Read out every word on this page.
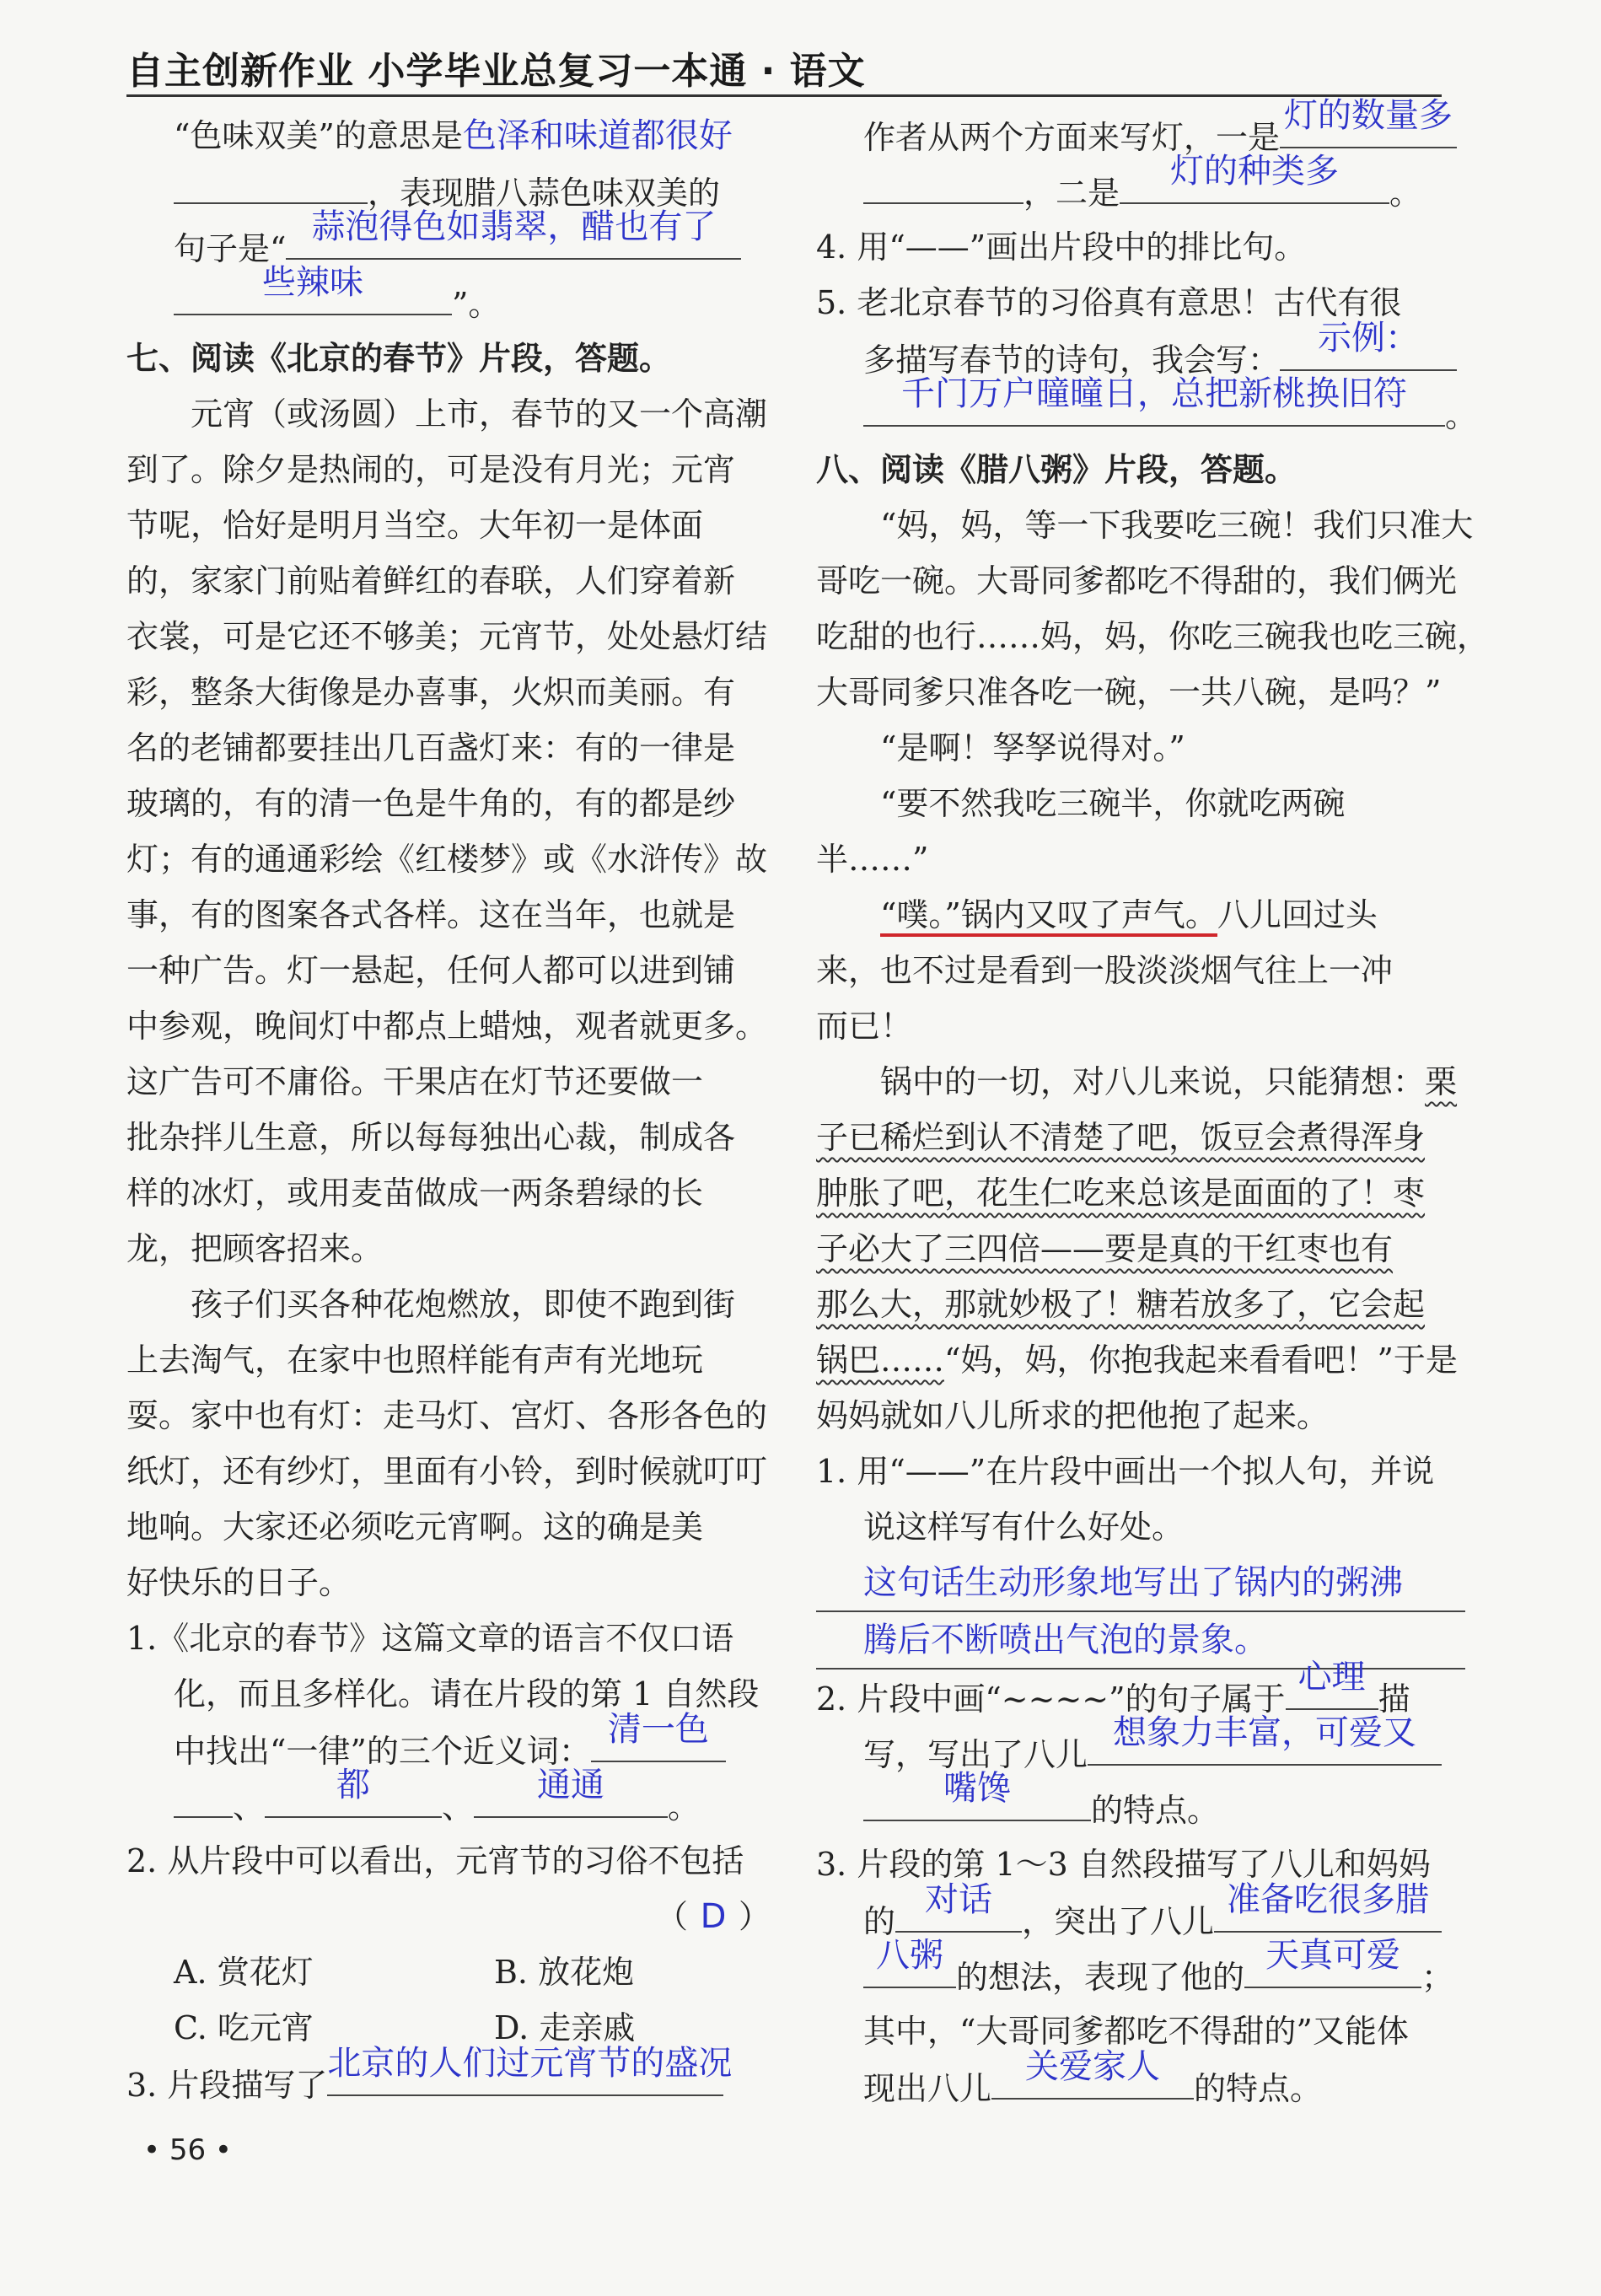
自主创新作业 小学毕业总复习一本通 · 语文
“色味双美”的意思是色泽和味道都很好
，表现腊八蒜色味双美的
句子是“
蒜泡得色如翡翠，醋也有了
些辣味
”。
七、阅读《北京的春节》片段，答题。
元宵（或汤圆）上市，春节的又一个高潮
到了。除夕是热闹的，可是没有月光；元宵
节呢，恰好是明月当空。大年初一是体面
的，家家门前贴着鲜红的春联，人们穿着新
衣裳，可是它还不够美；元宵节，处处悬灯结
彩，整条大街像是办喜事，火炽而美丽。有
名的老铺都要挂出几百盏灯来：有的一律是
玻璃的，有的清一色是牛角的，有的都是纱
灯；有的通通彩绘《红楼梦》或《水浒传》故
事，有的图案各式各样。这在当年，也就是
一种广告。灯一悬起，任何人都可以进到铺
中参观，晚间灯中都点上蜡烛，观者就更多。
这广告可不庸俗。干果店在灯节还要做一
批杂拌儿生意，所以每每独出心裁，制成各
样的冰灯，或用麦苗做成一两条碧绿的长
龙，把顾客招来。
孩子们买各种花炮燃放，即使不跑到街
上去淘气，在家中也照样能有声有光地玩
耍。家中也有灯：走马灯、宫灯、各形各色的
纸灯，还有纱灯，里面有小铃，到时候就叮叮
地响。大家还必须吃元宵啊。这的确是美
好快乐的日子。
1.《北京的春节》这篇文章的语言不仅口语
化，而且多样化。请在片段的第 1 自然段
中找出“一律”的三个近义词：
清一色
、
都
、
通通
。
2. 从片段中可以看出，元宵节的习俗不包括
（ D ）
A. 赏花灯	B. 放花炮
C. 吃元宵	D. 走亲戚
3. 片段描写了
北京的人们过元宵节的盛况
作者从两个方面来写灯，一是
灯的数量多
，二是
灯的种类多
。
4. 用“——”画出片段中的排比句。
5. 老北京春节的习俗真有意思！古代有很
多描写春节的诗句，我会写：
示例：
千门万户曈曈日，总把新桃换旧符
。
八、阅读《腊八粥》片段，答题。
“妈，妈，等一下我要吃三碗！我们只准大
哥吃一碗。大哥同爹都吃不得甜的，我们俩光
吃甜的也行……妈，妈，你吃三碗我也吃三碗，
大哥同爹只准各吃一碗，一共八碗，是吗？”
“是啊！孥孥说得对。”
“要不然我吃三碗半，你就吃两碗
半……”
“噗。”锅内又叹了声气。八儿回过头
来，也不过是看到一股淡淡烟气往上一冲
而已！
锅中的一切，对八儿来说，只能猜想：栗
子已稀烂到认不清楚了吧，饭豆会煮得浑身
肿胀了吧，花生仁吃来总该是面面的了！枣
子必大了三四倍——要是真的干红枣也有
那么大，那就妙极了！糖若放多了，它会起
锅巴……“妈，妈，你抱我起来看看吧！”于是
妈妈就如八儿所求的把他抱了起来。
1. 用“——”在片段中画出一个拟人句，并说
说这样写有什么好处。
这句话生动形象地写出了锅内的粥沸
腾后不断喷出气泡的景象。
2. 片段中画“~~~~”的句子属于
心理
描
写，写出了八儿
想象力丰富，可爱又
嘴馋
的特点。
3. 片段的第 1～3 自然段描写了八儿和妈妈
的
对话
，突出了八儿
准备吃很多腊
八粥
的想法，表现了他的
天真可爱
；
其中，“大哥同爹都吃不得甜的”又能体
现出八儿
关爱家人
的特点。
• 56 •
